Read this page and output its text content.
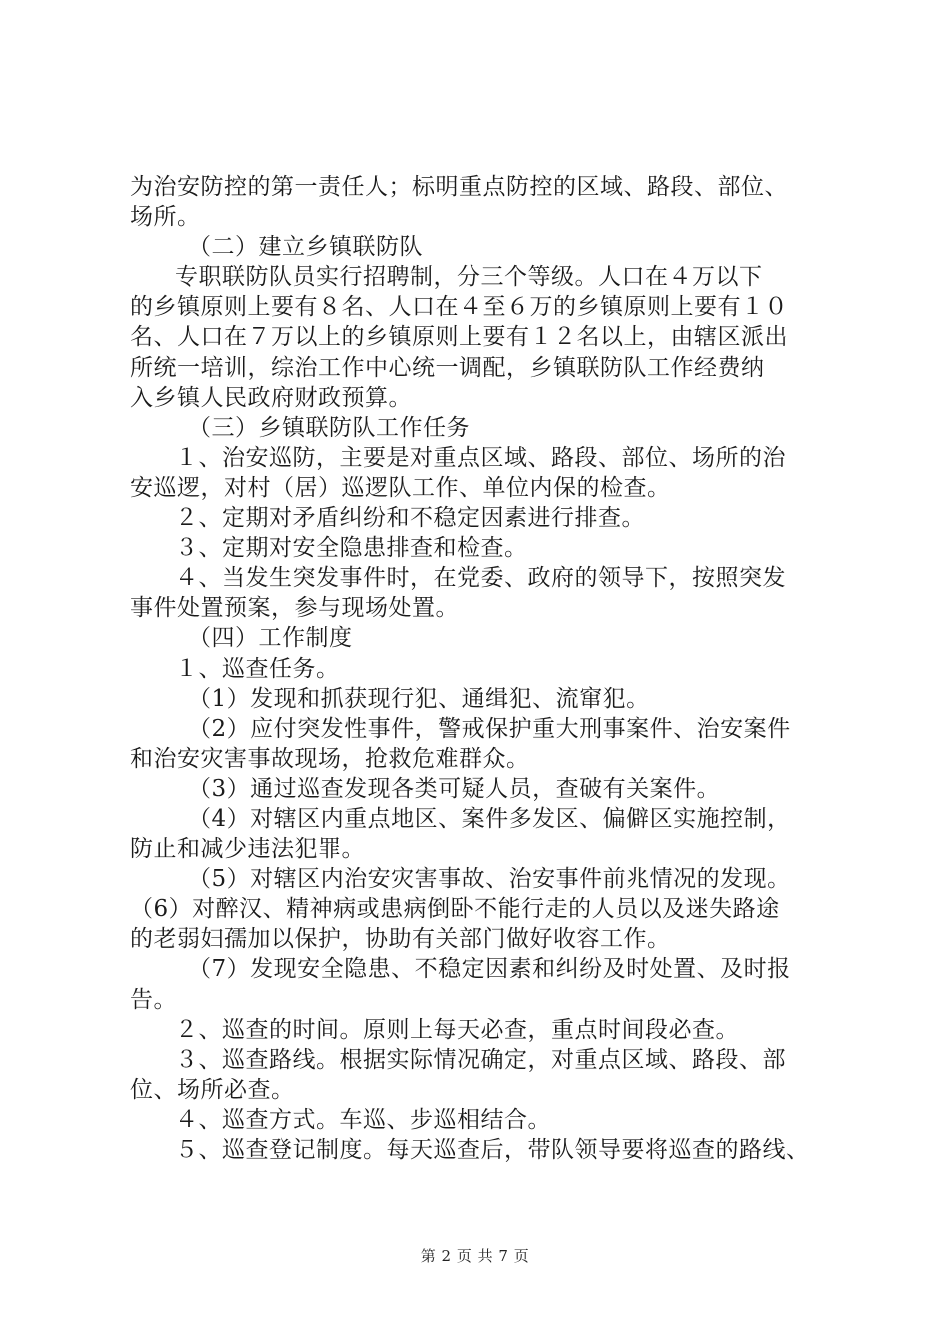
为治安防控的第一责任人；标明重点防控的区域、路段、部位、
场所。
（二）建立乡镇联防队
专职联防队员实行招聘制，分三个等级。人口在４万以下
的乡镇原则上要有８名、人口在４至６万的乡镇原则上要有１０
名、人口在７万以上的乡镇原则上要有１２名以上，由辖区派出
所统一培训，综治工作中心统一调配，乡镇联防队工作经费纳
入乡镇人民政府财政预算。
（三）乡镇联防队工作任务
１、治安巡防，主要是对重点区域、路段、部位、场所的治
安巡逻，对村（居）巡逻队工作、单位内保的检查。
２、定期对矛盾纠纷和不稳定因素进行排查。
３、定期对安全隐患排查和检查。
４、当发生突发事件时，在党委、政府的领导下，按照突发
事件处置预案，参与现场处置。
（四）工作制度
１、巡查任务。
（1）发现和抓获现行犯、通缉犯、流窜犯。
（2）应付突发性事件，警戒保护重大刑事案件、治安案件
和治安灾害事故现场，抢救危难群众。
（3）通过巡查发现各类可疑人员，查破有关案件。
（4）对辖区内重点地区、案件多发区、偏僻区实施控制，
防止和减少违法犯罪。
（5）对辖区内治安灾害事故、治安事件前兆情况的发现。
（6）对醉汉、精神病或患病倒卧不能行走的人员以及迷失路途
的老弱妇孺加以保护，协助有关部门做好收容工作。
（7）发现安全隐患、不稳定因素和纠纷及时处置、及时报
告。
２、巡查的时间。原则上每天必查，重点时间段必查。
３、巡查路线。根据实际情况确定，对重点区域、路段、部
位、场所必查。
４、巡查方式。车巡、步巡相结合。
５、巡查登记制度。每天巡查后，带队领导要将巡查的路线、
第 2 页 共 7 页
